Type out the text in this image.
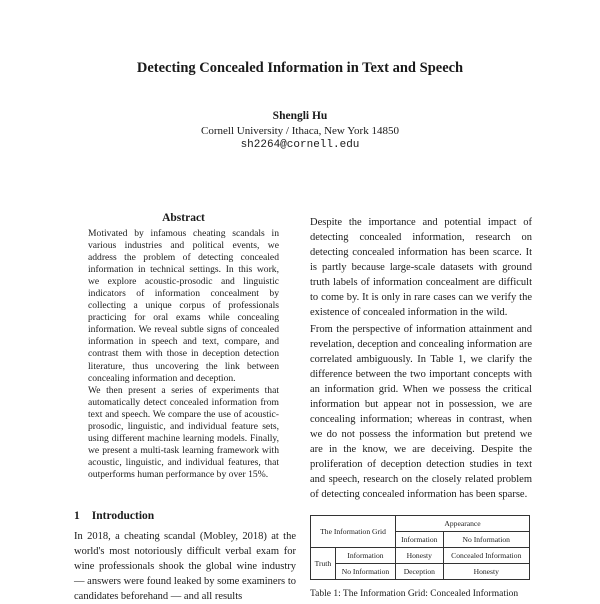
Detecting Concealed Information in Text and Speech
Shengli Hu
Cornell University / Ithaca, New York 14850
sh2264@cornell.edu
Abstract

Motivated by infamous cheating scandals in various industries and political events, we address the problem of detecting concealed information in technical settings. In this work, we explore acoustic-prosodic and linguistic indicators of information concealment by collecting a unique corpus of professionals practicing for oral exams while concealing information. We reveal subtle signs of concealed information in speech and text, compare, and contrast them with those in deception detection literature, thus uncovering the link between concealing information and deception.

We then present a series of experiments that automatically detect concealed information from text and speech. We compare the use of acoustic-prosodic, linguistic, and individual feature sets, using different machine learning models. Finally, we present a multi-task learning framework with acoustic, linguistic, and individual features, that outperforms human performance by over 15%.

1 Introduction

In 2018, a cheating scandal (Mobley, 2018) at the world's most notoriously difficult verbal exam for wine professionals shook the global wine industry — answers were found leaked by some examiners to candidates beforehand — and all results

Despite the importance and potential impact of detecting concealed information, research on detecting concealed information has been scarce. It is partly because large-scale datasets with ground truth labels of information concealment are difficult to come by. It is only in rare cases can we verify the existence of concealed information in the wild.

From the perspective of information attainment and revelation, deception and concealing information are correlated ambiguously. In Table 1, we clarify the difference between the two important concepts with an information grid. When we possess the critical information but appear not in possession, we are concealing information; whereas in contrast, when we do not possess the information but pretend we are in the know, we are deceiving. Despite the proliferation of deception detection studies in text and speech, research on the closely related problem of detecting concealed information has been sparse.

The Information Grid		Appearance	
		Information	No Information
Truth	Information	Honesty	Concealed Information
	No Information	Deception	Honesty
Table 1: The Information Grid: Concealed Information
